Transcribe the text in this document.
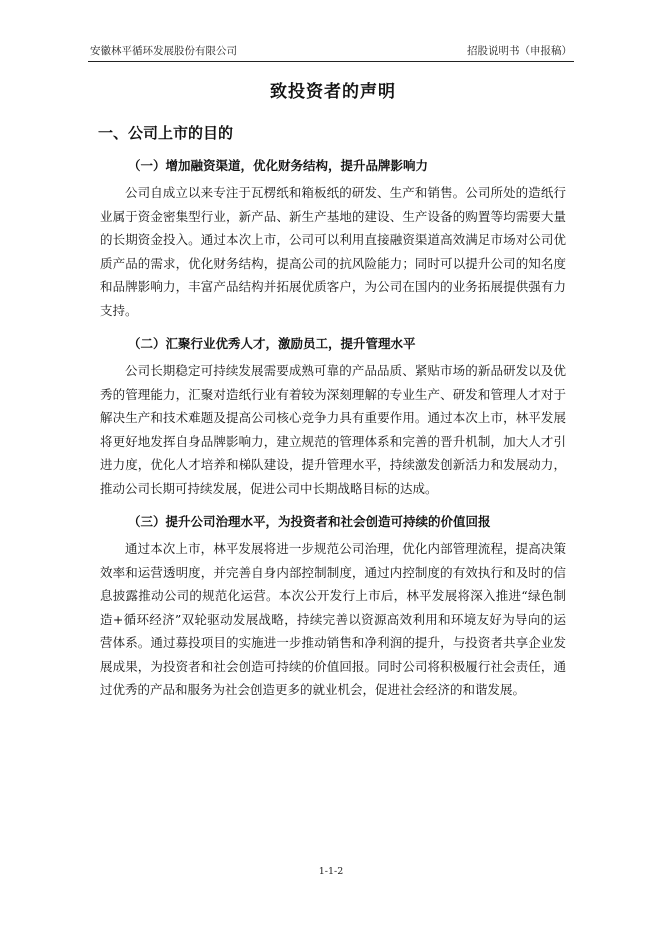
安徽林平循环发展股份有限公司	招股说明书（申报稿）
致投资者的声明
一、公司上市的目的
（一）增加融资渠道，优化财务结构，提升品牌影响力

公司自成立以来专注于瓦楞纸和箱板纸的研发、生产和销售。公司所处的造纸行业属于资金密集型行业，新产品、新生产基地的建设、生产设备的购置等均需要大量的长期资金投入。通过本次上市，公司可以利用直接融资渠道高效满足市场对公司优质产品的需求，优化财务结构，提高公司的抗风险能力；同时可以提升公司的知名度和品牌影响力，丰富产品结构并拓展优质客户，为公司在国内的业务拓展提供强有力支持。

（二）汇聚行业优秀人才，激励员工，提升管理水平

公司长期稳定可持续发展需要成熟可靠的产品品质、紧贴市场的新品研发以及优秀的管理能力，汇聚对造纸行业有着较为深刻理解的专业生产、研发和管理人才对于解决生产和技术难题及提高公司核心竞争力具有重要作用。通过本次上市，林平发展将更好地发挥自身品牌影响力，建立规范的管理体系和完善的晋升机制，加大人才引进力度，优化人才培养和梯队建设，提升管理水平，持续激发创新活力和发展动力，推动公司长期可持续发展，促进公司中长期战略目标的达成。

（三）提升公司治理水平，为投资者和社会创造可持续的价值回报

通过本次上市，林平发展将进一步规范公司治理，优化内部管理流程，提高决策效率和运营透明度，并完善自身内部控制制度，通过内控制度的有效执行和及时的信息披露推动公司的规范化运营。本次公开发行上市后，林平发展将深入推进“绿色制造+循环经济”双轮驱动发展战略，持续完善以资源高效利用和环境友好为导向的运营体系。通过募投项目的实施进一步推动销售和净利润的提升，与投资者共享企业发展成果，为投资者和社会创造可持续的价值回报。同时公司将积极履行社会责任，通过优秀的产品和服务为社会创造更多的就业机会，促进社会经济的和谐发展。

1-1-2
